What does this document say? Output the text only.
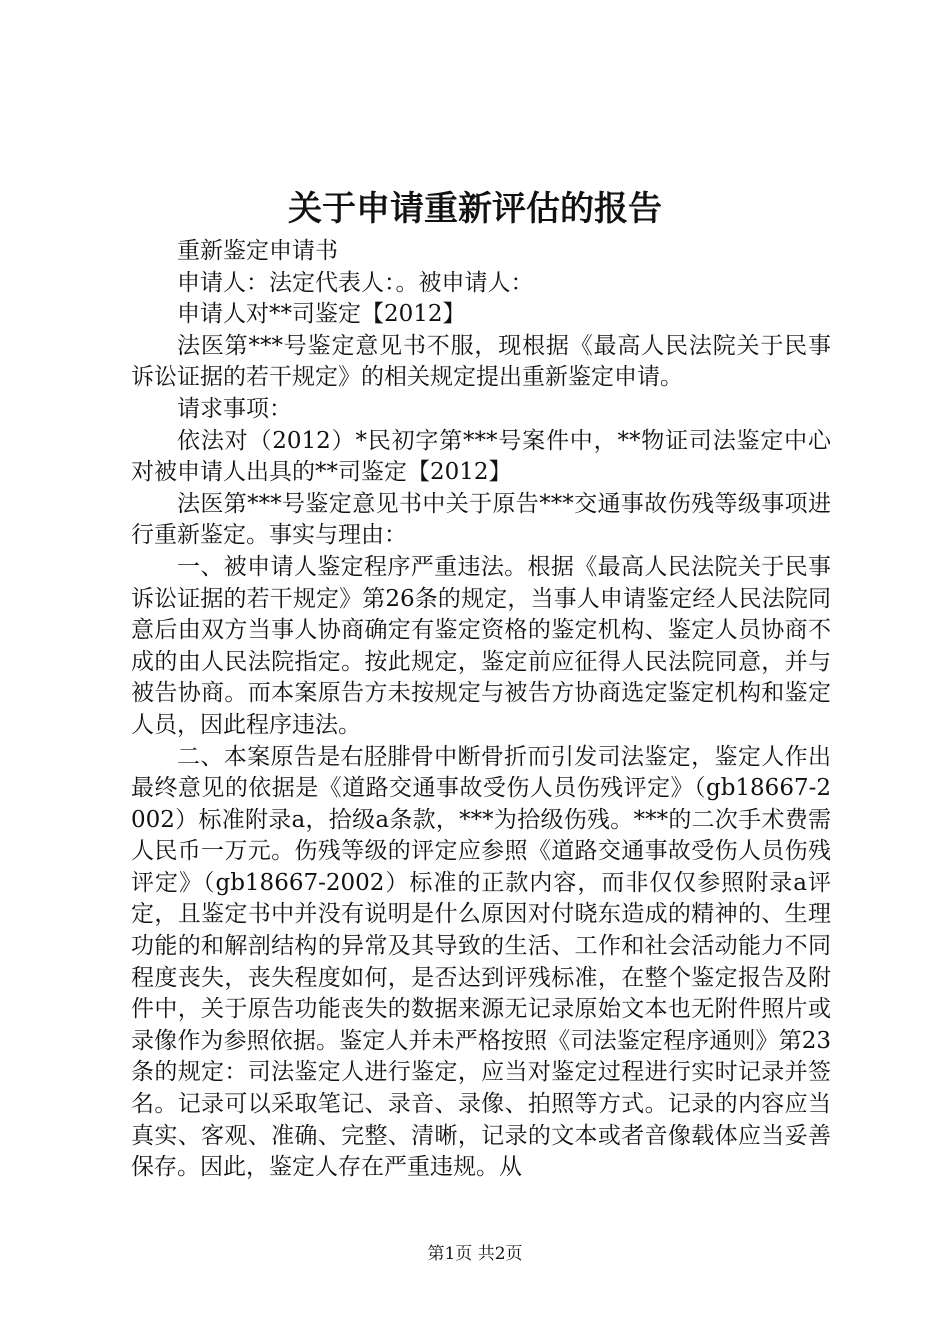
关于申请重新评估的报告

重新鉴定申请书

申请人：法定代表人：。被申请人：

申请人对**司鉴定【2012】

法医第***号鉴定意见书不服，现根据《最高人民法院关于民事诉讼证据的若干规定》的相关规定提出重新鉴定申请。

请求事项：

依法对（2012）*民初字第***号案件中，**物证司法鉴定中心对被申请人出具的**司鉴定【2012】

法医第***号鉴定意见书中关于原告***交通事故伤残等级事项进行重新鉴定。事实与理由：

一、被申请人鉴定程序严重违法。根据《最高人民法院关于民事诉讼证据的若干规定》第26条的规定，当事人申请鉴定经人民法院同意后由双方当事人协商确定有鉴定资格的鉴定机构、鉴定人员协商不成的由人民法院指定。按此规定，鉴定前应征得人民法院同意，并与被告协商。而本案原告方未按规定与被告方协商选定鉴定机构和鉴定人员，因此程序违法。

二、本案原告是右胫腓骨中断骨折而引发司法鉴定，鉴定人作出最终意见的依据是《道路交通事故受伤人员伤残评定》（gb18667-2002）标准附录a，拾级a条款，***为拾级伤残。***的二次手术费需人民币一万元。伤残等级的评定应参照《道路交通事故受伤人员伤残评定》（gb18667-2002）标准的正款内容，而非仅仅参照附录a评定，且鉴定书中并没有说明是什么原因对付晓东造成的精神的、生理功能的和解剖结构的异常及其导致的生活、工作和社会活动能力不同程度丧失，丧失程度如何，是否达到评残标准，在整个鉴定报告及附件中，关于原告功能丧失的数据来源无记录原始文本也无附件照片或录像作为参照依据。鉴定人并未严格按照《司法鉴定程序通则》第23条的规定：司法鉴定人进行鉴定，应当对鉴定过程进行实时记录并签名。记录可以采取笔记、录音、录像、拍照等方式。记录的内容应当真实、客观、准确、完整、清晰，记录的文本或者音像载体应当妥善保存。因此，鉴定人存在严重违规。从

第1页 共2页
